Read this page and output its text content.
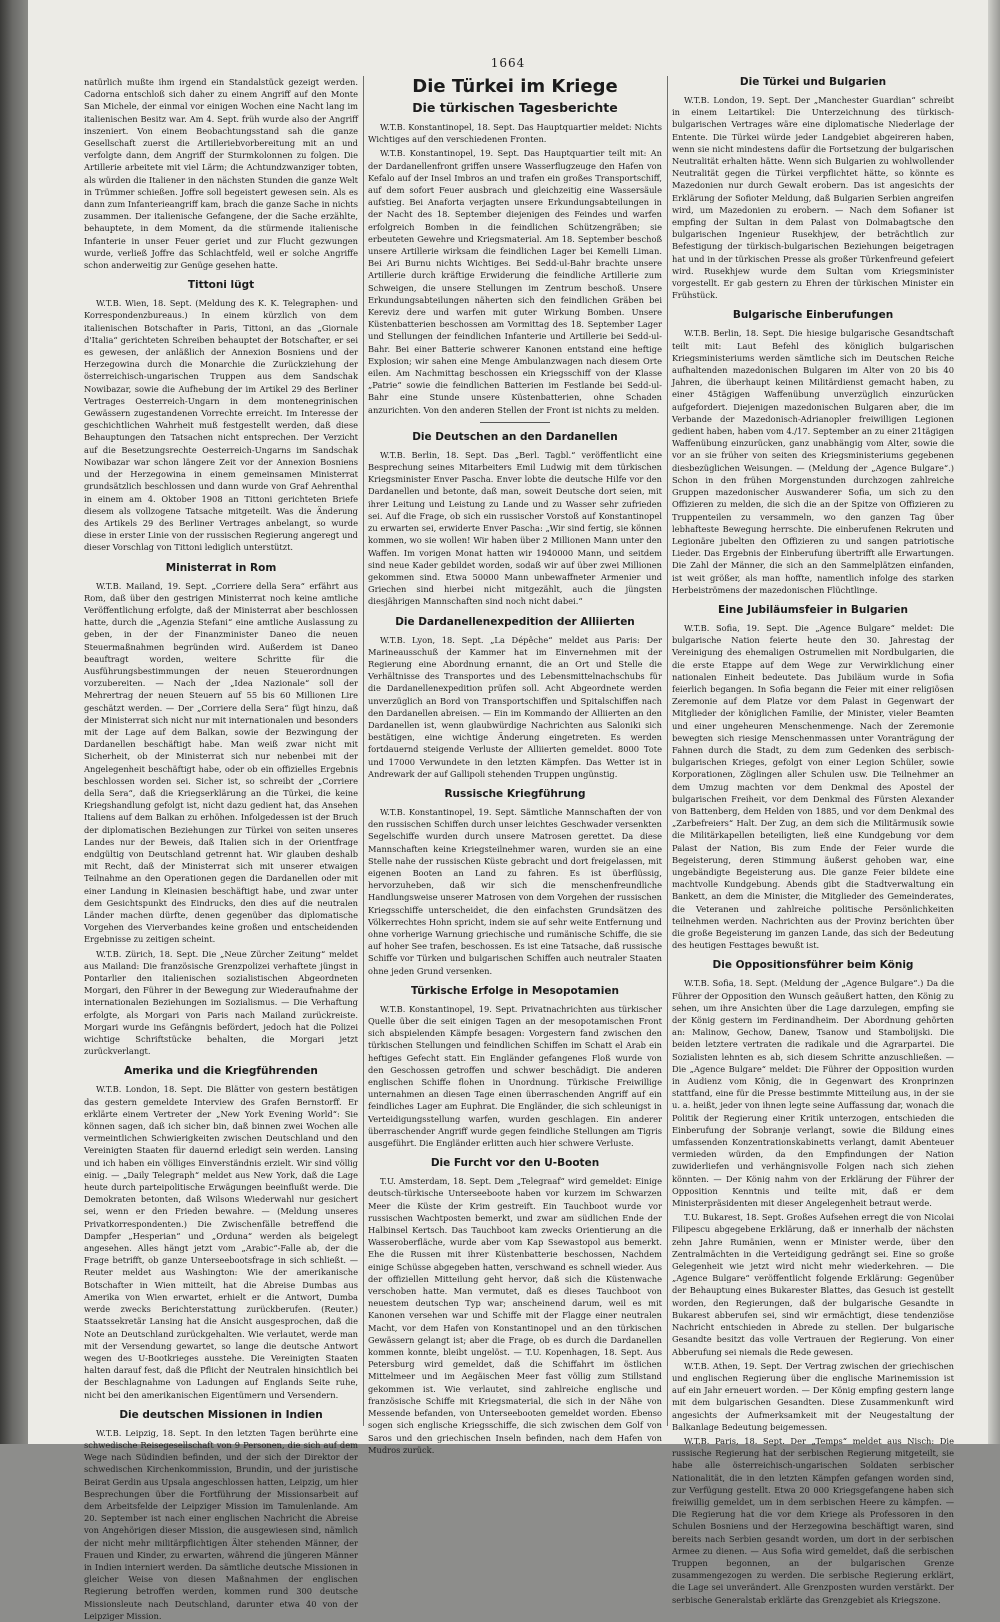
1664

natürlich mußte ihm irgend ein Standalstück gezeigt werden. Cadorna entschloß sich daher zu einem Angriff auf den Monte San Michele, der einmal vor einigen Wochen eine Nacht lang im italienischen Besitz war. Am 4. Sept. früh wurde also der Angriff inszeniert. Von einem Beobachtungsstand sah die ganze Gesellschaft zuerst die Artilleriebvorbereitung mit an und verfolgte dann, dem Angriff der Sturmkolonnen zu folgen. Die Artillerie arbeitete mit viel Lärm; die Achtundzwanziger tobten, als würden die Italiener in den nächsten Stunden die ganze Welt in Trümmer schießen. Joffre soll begeistert gewesen sein. Als es dann zum Infanterieangriff kam, brach die ganze Sache in nichts zusammen. Der italienische Gefangene, der die Sache erzählte, behauptete, in dem Moment, da die stürmende italienische Infanterie in unser Feuer geriet und zur Flucht gezwungen wurde, verließ Joffre das Schlachtfeld, weil er solche Angriffe schon anderweitig zur Genüge gesehen hatte.

Tittoni lügt

W.T.B. Wien, 18. Sept. (Meldung des K. K. Telegraphen- und Korrespondenzbureaus.) In einem kürzlich von dem italienischen Botschafter in Paris, Tittoni, an das „Giornale d'Italia“ gerichteten Schreiben behauptet der Botschafter, er sei es gewesen, der anläßlich der Annexion Bosniens und der Herzegowina durch die Monarchie die Zurückziehung der österreichisch-ungarischen Truppen aus dem Sandschak Nowibazar, sowie die Aufhebung der im Artikel 29 des Berliner Vertrages Oesterreich-Ungarn in dem montenegrinischen Gewässern zugestandenen Vorrechte erreicht. Im Interesse der geschichtlichen Wahrheit muß festgestellt werden, daß diese Behauptungen den Tatsachen nicht entsprechen. Der Verzicht auf die Besetzungsrechte Oesterreich-Ungarns im Sandschak Nowibazar war schon längere Zeit vor der Annexion Bosniens und der Herzegowina in einem gemeinsamen Ministerrat grundsätzlich beschlossen und dann wurde von Graf Aehrenthal in einem am 4. Oktober 1908 an Tittoni gerichteten Briefe diesem als vollzogene Tatsache mitgeteilt. Was die Änderung des Artikels 29 des Berliner Vertrages anbelangt, so wurde diese in erster Linie von der russischen Regierung angeregt und dieser Vorschlag von Tittoni lediglich unterstützt.

Ministerrat in Rom

W.T.B. Mailand, 19. Sept. „Corriere della Sera“ erfährt aus Rom, daß über den gestrigen Ministerrat noch keine amtliche Veröffentlichung erfolgte, daß der Ministerrat aber beschlossen hatte, durch die „Agenzia Stefani“ eine amtliche Auslassung zu geben, in der der Finanzminister Daneo die neuen Steuermaßnahmen begründen wird. Außerdem ist Daneo beauftragt worden, weitere Schritte für die Ausführungsbestimmungen der neuen Steuerordnungen vorzubereiten. — Nach der „Idea Nazionale“ soll der Mehrertrag der neuen Steuern auf 55 bis 60 Millionen Lire geschätzt werden. — Der „Corriere della Sera“ fügt hinzu, daß der Ministerrat sich nicht nur mit internationalen und besonders mit der Lage auf dem Balkan, sowie der Bezwingung der Dardanellen beschäftigt habe. Man weiß zwar nicht mit Sicherheit, ob der Ministerrat sich nur nebenbei mit der Angelegenheit beschäftigt habe, oder ob ein offizielles Ergebnis beschlossen worden sei. Sicher ist, so schreibt der „Corriere della Sera“, daß die Kriegserklärung an die Türkei, die keine Kriegshandlung gefolgt ist, nicht dazu gedient hat, das Ansehen Italiens auf dem Balkan zu erhöhen. Infolgedessen ist der Bruch der diplomatischen Beziehungen zur Türkei von seiten unseres Landes nur der Beweis, daß Italien sich in der Orientfrage endgültig von Deutschland getrennt hat. Wir glauben deshalb mit Recht, daß der Ministerrat sich mit unserer etwaigen Teilnahme an den Operationen gegen die Dardanellen oder mit einer Landung in Kleinasien beschäftigt habe, und zwar unter dem Gesichtspunkt des Eindrucks, den dies auf die neutralen Länder machen dürfte, denen gegenüber das diplomatische Vorgehen des Vierverbandes keine großen und entscheidenden Ergebnisse zu zeitigen scheint.

W.T.B. Zürich, 18. Sept. Die „Neue Zürcher Zeitung“ meldet aus Mailand: Die französische Grenzpolizei verhaftete jüngst in Pontarlier den italienischen sozialistischen Abgeordneten Morgari, den Führer in der Bewegung zur Wiederaufnahme der internationalen Beziehungen im Sozialismus. — Die Verhaftung erfolgte, als Morgari von Paris nach Mailand zurückreiste. Morgari wurde ins Gefängnis befördert, jedoch hat die Polizei wichtige Schriftstücke behalten, die Morgari jetzt zurückverlangt.

Amerika und die Kriegführenden

W.T.B. London, 18. Sept. Die Blätter von gestern bestätigen das gestern gemeldete Interview des Grafen Bernstorff. Er erklärte einem Vertreter der „New York Evening World“: Sie können sagen, daß ich sicher bin, daß binnen zwei Wochen alle vermeintlichen Schwierigkeiten zwischen Deutschland und den Vereinigten Staaten für dauernd erledigt sein werden. Lansing und ich haben ein völliges Einverständnis erzielt. Wir sind völlig einig. — „Daily Telegraph“ meldet aus New York, daß die Lage heute durch parteipolitische Erwägungen beeinflußt werde. Die Demokraten betonten, daß Wilsons Wiederwahl nur gesichert sei, wenn er den Frieden bewahre. — (Meldung unseres Privatkorrespondenten.) Die Zwischenfälle betreffend die Dampfer „Hesperian“ und „Orduna“ werden als beigelegt angesehen. Alles hängt jetzt vom „Arabic“-Falle ab, der die Frage betrifft, ob ganze Unterseebootsfrage in sich schließt. — Reuter meldet aus Washington: Wie der amerikanische Botschafter in Wien mitteilt, hat die Abreise Dumbas aus Amerika von Wien erwartet, erhielt er die Antwort, Dumba werde zwecks Berichterstattung zurückberufen. (Reuter.) Staatssekretär Lansing hat die Ansicht ausgesprochen, daß die Note an Deutschland zurückgehalten. Wie verlautet, werde man mit der Versendung gewartet, so lange die deutsche Antwort wegen des U-Bootkrieges ausstehe. Die Vereinigten Staaten halten darauf fest, daß die Pflicht der Neutralen hinsichtlich bei der Beschlagnahme von Ladungen auf Englands Seite ruhe, nicht bei den amerikanischen Eigentümern und Versendern.

Die deutschen Missionen in Indien

W.T.B. Leipzig, 18. Sept. In den letzten Tagen berührte eine schwedische Reisegesellschaft von 9 Personen, die sich auf dem Wege nach Südindien befinden, und der sich der Direktor der schwedischen Kirchenkommission, Brundin, und der juristische Beirat Gerdin aus Upsala angeschlossen hatten, Leipzig, um hier Besprechungen über die Fortführung der Missionsarbeit auf dem Arbeitsfelde der Leipziger Mission im Tamulenlande. Am 20. September ist nach einer englischen Nachricht die Abreise von Angehörigen dieser Mission, die ausgewiesen sind, nämlich der nicht mehr militärpflichtigen Älter stehenden Männer, der Frauen und Kinder, zu erwarten, während die jüngeren Männer in Indien interniert werden. Da sämtliche deutsche Missionen in gleicher Weise von diesen Maßnahmen der englischen Regierung betroffen werden, kommen rund 300 deutsche Missionsleute nach Deutschland, darunter etwa 40 von der Leipziger Mission.

Die Türkei im Kriege
Die türkischen Tagesberichte

W.T.B. Konstantinopel, 18. Sept. Das Hauptquartier meldet: Nichts Wichtiges auf den verschiedenen Fronten.

W.T.B. Konstantinopel, 19. Sept. Das Hauptquartier teilt mit: An der Dardanellenfront griffen unsere Wasserflugzeuge den Hafen von Kefalo auf der Insel Imbros an und trafen ein großes Transportschiff, auf dem sofort Feuer ausbrach und gleichzeitig eine Wassersäule aufstieg. Bei Anaforta verjagten unsere Erkundungsabteilungen in der Nacht des 18. September diejenigen des Feindes und warfen erfolgreich Bomben in die feindlichen Schützengräben; sie erbeuteten Gewehre und Kriegsmaterial. Am 18. September beschoß unsere Artillerie wirksam die feindlichen Lager bei Kemelli Liman. Bei Ari Burnu nichts Wichtiges. Bei Sedd-ul-Bahr brachte unsere Artillerie durch kräftige Erwiderung die feindliche Artillerie zum Schweigen, die unsere Stellungen im Zentrum beschoß. Unsere Erkundungsabteilungen näherten sich den feindlichen Gräben bei Kereviz dere und warfen mit guter Wirkung Bomben. Unsere Küstenbatterien beschossen am Vormittag des 18. September Lager und Stellungen der feindlichen Infanterie und Artillerie bei Sedd-ul-Bahr. Bei einer Batterie schwerer Kanonen entstand eine heftige Explosion; wir sahen eine Menge Ambulanzwagen nach diesem Orte eilen. Am Nachmittag beschossen ein Kriegsschiff von der Klasse „Patrie“ sowie die feindlichen Batterien im Festlande bei Sedd-ul-Bahr eine Stunde unsere Küstenbatterien, ohne Schaden anzurichten. Von den anderen Stellen der Front ist nichts zu melden.

Die Deutschen an den Dardanellen

W.T.B. Berlin, 18. Sept. Das „Berl. Tagbl.“ veröffentlicht eine Besprechung seines Mitarbeiters Emil Ludwig mit dem türkischen Kriegsminister Enver Pascha. Enver lobte die deutsche Hilfe vor den Dardanellen und betonte, daß man, soweit Deutsche dort seien, mit ihrer Leitung und Leistung zu Lande und zu Wasser sehr zufrieden sei. Auf die Frage, ob sich ein russischer Vorstoß auf Konstantinopel zu erwarten sei, erwiderte Enver Pascha: „Wir sind fertig, sie können kommen, wo sie wollen! Wir haben über 2 Millionen Mann unter den Waffen. Im vorigen Monat hatten wir 1940000 Mann, und seitdem sind neue Kader gebildet worden, sodaß wir auf über zwei Millionen gekommen sind. Etwa 50000 Mann unbewaffneter Armenier und Griechen sind hierbei nicht mitgezählt, auch die jüngsten diesjährigen Mannschaften sind noch nicht dabei.“

Die Dardanellenexpedition der Alliierten

W.T.B. Lyon, 18. Sept. „La Dépêche“ meldet aus Paris: Der Marineausschuß der Kammer hat im Einvernehmen mit der Regierung eine Abordnung ernannt, die an Ort und Stelle die Verhältnisse des Transportes und des Lebensmittelnachschubs für die Dardanellenexpedition prüfen soll. Acht Abgeordnete werden unverzüglich an Bord von Transportschiffen und Spitalschiffen nach den Dardanellen abreisen. — Ein im Kommando der Alliierten an den Dardanellen ist, wenn glaubwürdige Nachrichten aus Saloniki sich bestätigen, eine wichtige Änderung eingetreten. Es werden fortdauernd steigende Verluste der Alliierten gemeldet. 8000 Tote und 17000 Verwundete in den letzten Kämpfen. Das Wetter ist in Andrewark der auf Gallipoli stehenden Truppen ungünstig.

Russische Kriegführung

W.T.B. Konstantinopel, 19. Sept. Sämtliche Mannschaften der von den russischen Schiffen durch unser leichtes Geschwader versenkten Segelschiffe wurden durch unsere Matrosen gerettet. Da diese Mannschaften keine Kriegsteilnehmer waren, wurden sie an eine Stelle nahe der russischen Küste gebracht und dort freigelassen, mit eigenen Booten an Land zu fahren. Es ist überflüssig, hervorzuheben, daß wir sich die menschenfreundliche Handlungsweise unserer Matrosen von dem Vorgehen der russischen Kriegsschiffe unterscheidet, die den einfachsten Grundsätzen des Völkerrechtes Hohn spricht, indem sie auf sehr weite Entfernung und ohne vorherige Warnung griechische und rumänische Schiffe, die sie auf hoher See trafen, beschossen. Es ist eine Tatsache, daß russische Schiffe vor Türken und bulgarischen Schiffen auch neutraler Staaten ohne jeden Grund versenken.

Türkische Erfolge in Mesopotamien

W.T.B. Konstantinopel, 19. Sept. Privatnachrichten aus türkischer Quelle über die seit einigen Tagen an der mesopotamischen Front sich abspielenden Kämpfe besagen: Vorgestern fand zwischen den türkischen Stellungen und feindlichen Schiffen im Schatt el Arab ein heftiges Gefecht statt. Ein Engländer gefangenes Floß wurde von den Geschossen getroffen und schwer beschädigt. Die anderen englischen Schiffe flohen in Unordnung. Türkische Freiwillige unternahmen an diesen Tage einen überraschenden Angriff auf ein feindliches Lager am Euphrat. Die Engländer, die sich schleunigst in Verteidigungsstellung warfen, wurden geschlagen. Ein anderer überraschender Angriff wurde gegen feindliche Stellungen am Tigris ausgeführt. Die Engländer erlitten auch hier schwere Verluste.

Die Furcht vor den U-Booten

T.U. Amsterdam, 18. Sept. Dem „Telegraaf“ wird gemeldet: Einige deutsch-türkische Unterseeboote haben vor kurzem im Schwarzen Meer die Küste der Krim gestreift. Ein Tauchboot wurde vor russischen Wachtposten bemerkt, und zwar am südlichen Ende der Halbinsel Kertsch. Das Tauchboot kam zwecks Orientierung an die Wasseroberfläche, wurde aber vom Kap Ssewastopol aus bemerkt. Ehe die Russen mit ihrer Küstenbatterie beschossen, Nachdem einige Schüsse abgegeben hatten, verschwand es schnell wieder. Aus der offiziellen Mitteilung geht hervor, daß sich die Küstenwache verschoben hatte. Man vermutet, daß es dieses Tauchboot von neuestem deutschen Typ war; anscheinend darum, weil es mit Kanonen versehen war und Schiffe mit der Flagge einer neutralen Macht, vor dem Hafen von Konstantinopel und an den türkischen Gewässern gelangt ist; aber die Frage, ob es durch die Dardanellen kommen konnte, bleibt ungelöst. — T.U. Kopenhagen, 18. Sept. Aus Petersburg wird gemeldet, daß die Schiffahrt im östlichen Mittelmeer und im Aegäischen Meer fast völlig zum Stillstand gekommen ist. Wie verlautet, sind zahlreiche englische und französische Schiffe mit Kriegsmaterial, die sich in der Nähe von Messende befanden, von Unterseebooten gemeldet worden. Ebenso sogen sich englische Kriegsschiffe, die sich zwischen dem Golf von Saros und den griechischen Inseln befinden, nach dem Hafen von Mudros zurück.

Die Türkei und Bulgarien

W.T.B. London, 19. Sept. Der „Manchester Guardian“ schreibt in einem Leitartikel: Die Unterzeichnung des türkisch-bulgarischen Vertrages wäre eine diplomatische Niederlage der Entente. Die Türkei würde jeder Landgebiet abgeireren haben, wenn sie nicht mindestens dafür die Fortsetzung der bulgarischen Neutralität erhalten hätte. Wenn sich Bulgarien zu wohlwollender Neutralität gegen die Türkei verpflichtet hätte, so könnte es Mazedonien nur durch Gewalt erobern. Das ist angesichts der Erklärung der Sofioter Meldung, daß Bulgarien Serbien angreifen wird, um Mazedonien zu erobern. — Nach dem Sofianer ist empfing der Sultan in dem Palast von Dolmabagtsche den bulgarischen Ingenieur Rusekhjew, der beträchtlich zur Befestigung der türkisch-bulgarischen Beziehungen beigetragen hat und in der türkischen Presse als großer Türkenfreund gefeiert wird. Rusekhjew wurde dem Sultan vom Kriegsminister vorgestellt. Er gab gestern zu Ehren der türkischen Minister ein Frühstück.

Bulgarische Einberufungen

W.T.B. Berlin, 18. Sept. Die hiesige bulgarische Gesandtschaft teilt mit: Laut Befehl des königlich bulgarischen Kriegsministeriums werden sämtliche sich im Deutschen Reiche aufhaltenden mazedonischen Bulgaren im Alter von 20 bis 40 Jahren, die überhaupt keinen Militärdienst gemacht haben, zu einer 45tägigen Waffenübung unverzüglich einzurücken aufgefordert. Diejenigen mazedonischen Bulgaren aber, die im Verbande der Mazedonisch-Adrianopler freiwilligen Legionen gedient haben, haben vom 4./17. September an zu einer 21tägigen Waffenübung einzurücken, ganz unabhängig vom Alter, sowie die vor an sie früher von seiten des Kriegsministeriums gegebenen diesbezüglichen Weisungen. — (Meldung der „Agence Bulgare“.) Schon in den frühen Morgenstunden durchzogen zahlreiche Gruppen mazedonischer Auswanderer Sofia, um sich zu den Offizieren zu melden, die sich die an der Spitze von Offizieren zu Truppenteilen zu versammeln, wo den ganzen Tag über lebhafteste Bewegung herrschte. Die einberufenen Rekruten und Legionäre jubelten den Offizieren zu und sangen patriotische Lieder. Das Ergebnis der Einberufung übertrifft alle Erwartungen. Die Zahl der Männer, die sich an den Sammelplätzen einfanden, ist weit größer, als man hoffte, namentlich infolge des starken Herbeiströmens der mazedonischen Flüchtlinge.

Eine Jubiläumsfeier in Bulgarien

W.T.B. Sofia, 19. Sept. Die „Agence Bulgare“ meldet: Die bulgarische Nation feierte heute den 30. Jahrestag der Vereinigung des ehemaligen Ostrumelien mit Nordbulgarien, die die erste Etappe auf dem Wege zur Verwirklichung einer nationalen Einheit bedeutete. Das Jubiläum wurde in Sofia feierlich begangen. In Sofia begann die Feier mit einer religiösen Zeremonie auf dem Platze vor dem Palast in Gegenwart der Mitglieder der königlichen Familie, der Minister, vieler Beamten und einer ungeheuren Menschenmenge. Nach der Zeremonie bewegten sich riesige Menschenmassen unter Voranträgung der Fahnen durch die Stadt, zu dem zum Gedenken des serbisch-bulgarischen Krieges, gefolgt von einer Legion Schüler, sowie Korporationen, Zöglingen aller Schulen usw. Die Teilnehmer an dem Umzug machten vor dem Denkmal des Apostel der bulgarischen Freiheit, vor dem Denkmal des Fürsten Alexander von Battenberg, dem Helden von 1885, und vor dem Denkmal des „Zarbefreiers“ Halt. Der Zug, an dem sich die Militärmusik sowie die Militärkapellen beteiligten, ließ eine Kundgebung vor dem Palast der Nation, Bis zum Ende der Feier wurde die Begeisterung, deren Stimmung äußerst gehoben war, eine ungebändigte Begeisterung aus. Die ganze Feier bildete eine machtvolle Kundgebung. Abends gibt die Stadtverwaltung ein Bankett, an dem die Minister, die Mitglieder des Gemeinderates, die Veteranen und zahlreiche politische Persönlichkeiten teilnehmen werden. Nachrichten aus der Provinz berichten über die große Begeisterung im ganzen Lande, das sich der Bedeutung des heutigen Festtages bewußt ist.

Die Oppositionsführer beim König

W.T.B. Sofia, 18. Sept. (Meldung der „Agence Bulgare“.) Da die Führer der Opposition den Wunsch geäußert hatten, den König zu sehen, um ihre Ansichten über die Lage darzulegen, empfing sie der König gestern im Ferdinandheim. Der Abordnung gehörten an: Malinow, Gechow, Danew, Tsanow und Stambolijski. Die beiden letztere vertraten die radikale und die Agrarpartei. Die Sozialisten lehnten es ab, sich diesem Schritte anzuschließen. — Die „Agence Bulgare“ meldet: Die Führer der Opposition wurden in Audienz vom König, die in Gegenwart des Kronprinzen stattfand, eine für die Presse bestimmte Mitteilung aus, in der sie u. a. heißt, jeder von ihnen legte seine Auffassung dar, wonach die Politik der Regierung einer Kritik unterzogen, entschieden die Einberufung der Sobranje verlangt, sowie die Bildung eines umfassenden Konzentrationskabinetts verlangt, damit Abenteuer vermieden würden, da den Empfindungen der Nation zuwiderliefen und verhängnisvolle Folgen nach sich ziehen könnten. — Der König nahm von der Erklärung der Führer der Opposition Kenntnis und teilte mit, daß er dem Ministerpräsidenten mit dieser Angelegenheit betraut werde.

T.U. Bukarest, 18. Sept. Großes Aufsehen erregt die von Nicolai Filipescu abgegebene Erklärung, daß er innerhalb der nächsten zehn Jahre Rumänien, wenn er Minister werde, über den Zentralmächten in die Verteidigung gedrängt sei. Eine so große Gelegenheit wie jetzt wird nicht mehr wiederkehren. — Die „Agence Bulgare“ veröffentlicht folgende Erklärung: Gegenüber der Behauptung eines Bukarester Blattes, das Gesuch ist gestellt worden, den Regierungen, daß der bulgarische Gesandte in Bukarest abberufen sei, sind wir ermächtigt, diese tendenziöse Nachricht entschieden in Abrede zu stellen. Der bulgarische Gesandte besitzt das volle Vertrauen der Regierung. Von einer Abberufung sei niemals die Rede gewesen.

W.T.B. Athen, 19. Sept. Der Vertrag zwischen der griechischen und englischen Regierung über die englische Marinemission ist auf ein Jahr erneuert worden. — Der König empfing gestern lange mit dem bulgarischen Gesandten. Diese Zusammenkunft wird angesichts der Aufmerksamkeit mit der Neugestaltung der Balkanlage Bedeutung beigemessen.

W.T.B. Paris, 18. Sept. Der „Temps“ meldet aus Nisch: Die russische Regierung hat der serbischen Regierung mitgeteilt, sie habe alle österreichisch-ungarischen Soldaten serbischer Nationalität, die in den letzten Kämpfen gefangen worden sind, zur Verfügung gestellt. Etwa 20 000 Kriegsgefangene haben sich freiwillig gemeldet, um in dem serbischen Heere zu kämpfen. — Die Regierung hat die vor dem Kriege als Professoren in den Schulen Bosniens und der Herzegowina beschäftigt waren, sind bereits nach Serbien gesandt worden, um dort in der serbischen Armee zu dienen. — Aus Sofia wird gemeldet, daß die serbischen Truppen begonnen, an der bulgarischen Grenze zusammengezogen zu werden. Die serbische Regierung erklärt, die Lage sei unverändert. Alle Grenzposten wurden verstärkt. Der serbische Generalstab erklärte das Grenzgebiet als Kriegszone.
